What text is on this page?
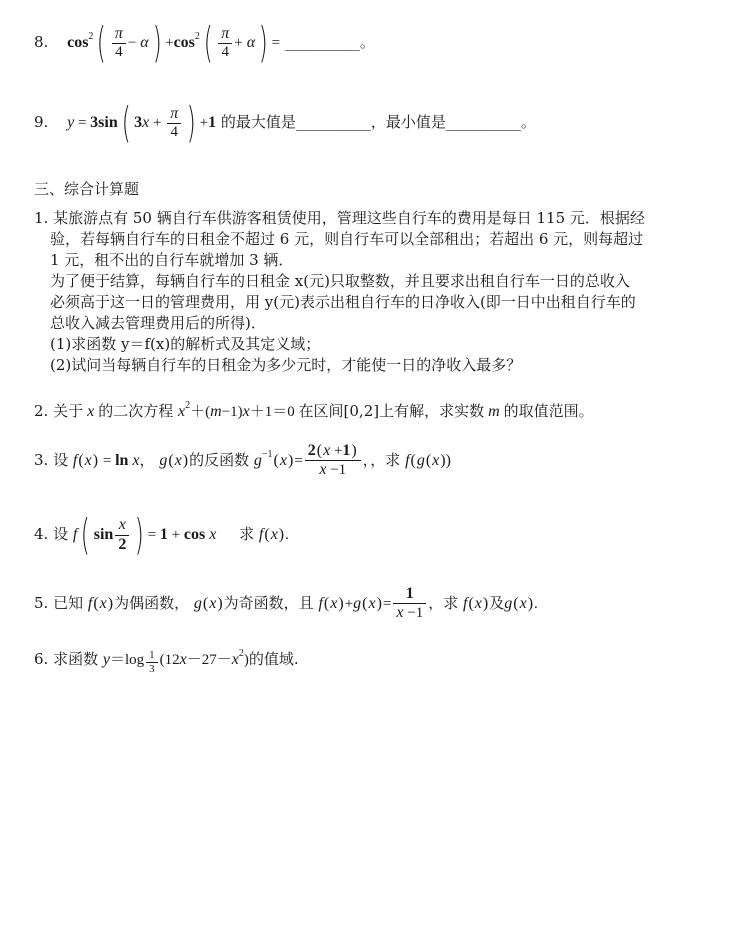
8. $\cos^2( \frac{\pi}{4} - \alpha) +\cos^2( \frac{\pi}{4} + \alpha)$ = __________。
9. y = 3sin( $3x + \frac{\pi}{4}$ ) +1 的最大值是__________，最小值是__________。
三、综合计算题

1. 某旅游点有 50 辆自行车供游客租赁使用，管理这些自行车的费用是每日 115 元．根据经

验，若每辆自行车的日租金不超过 6 元，则自行车可以全部租出；若超出 6 元，则每超过

1 元，租不出的自行车就增加 3 辆．

为了便于结算，每辆自行车的日租金 x(元)只取整数，并且要求出租自行车一日的总收入

必须高于这一日的管理费用，用 y(元)表示出租自行车的日净收入(即一日中出租自行车的

总收入减去管理费用后的所得)．

(1)求函数 y＝f(x)的解析式及其定义域；

(2)试问当每辆自行车的日租金为多少元时，才能使一日的净收入最多？

2. 关于 x 的二次方程 $x^2+(m-1)x+1=0$ 在区间[0,2]上有解，求实数 m 的取值范围。
3. 设 f(x) = ln x， g(x)的反函数 $g^{-1}(x)= \frac{2(x +1)}{x -1}$ ，，求 f(g(x))
4. 设 f( $\sin \frac{x}{2}$ ) = 1 + cos x 求 f(x).
5. 已知 f(x)为偶函数， g(x)为奇函数，且 $f(x)+g(x)= \frac{1}{x -1}$ ，求 f(x)及g(x).
6. 求函数 $y=\log \frac{1}{3} (12x-27-x^2)$的值域.
